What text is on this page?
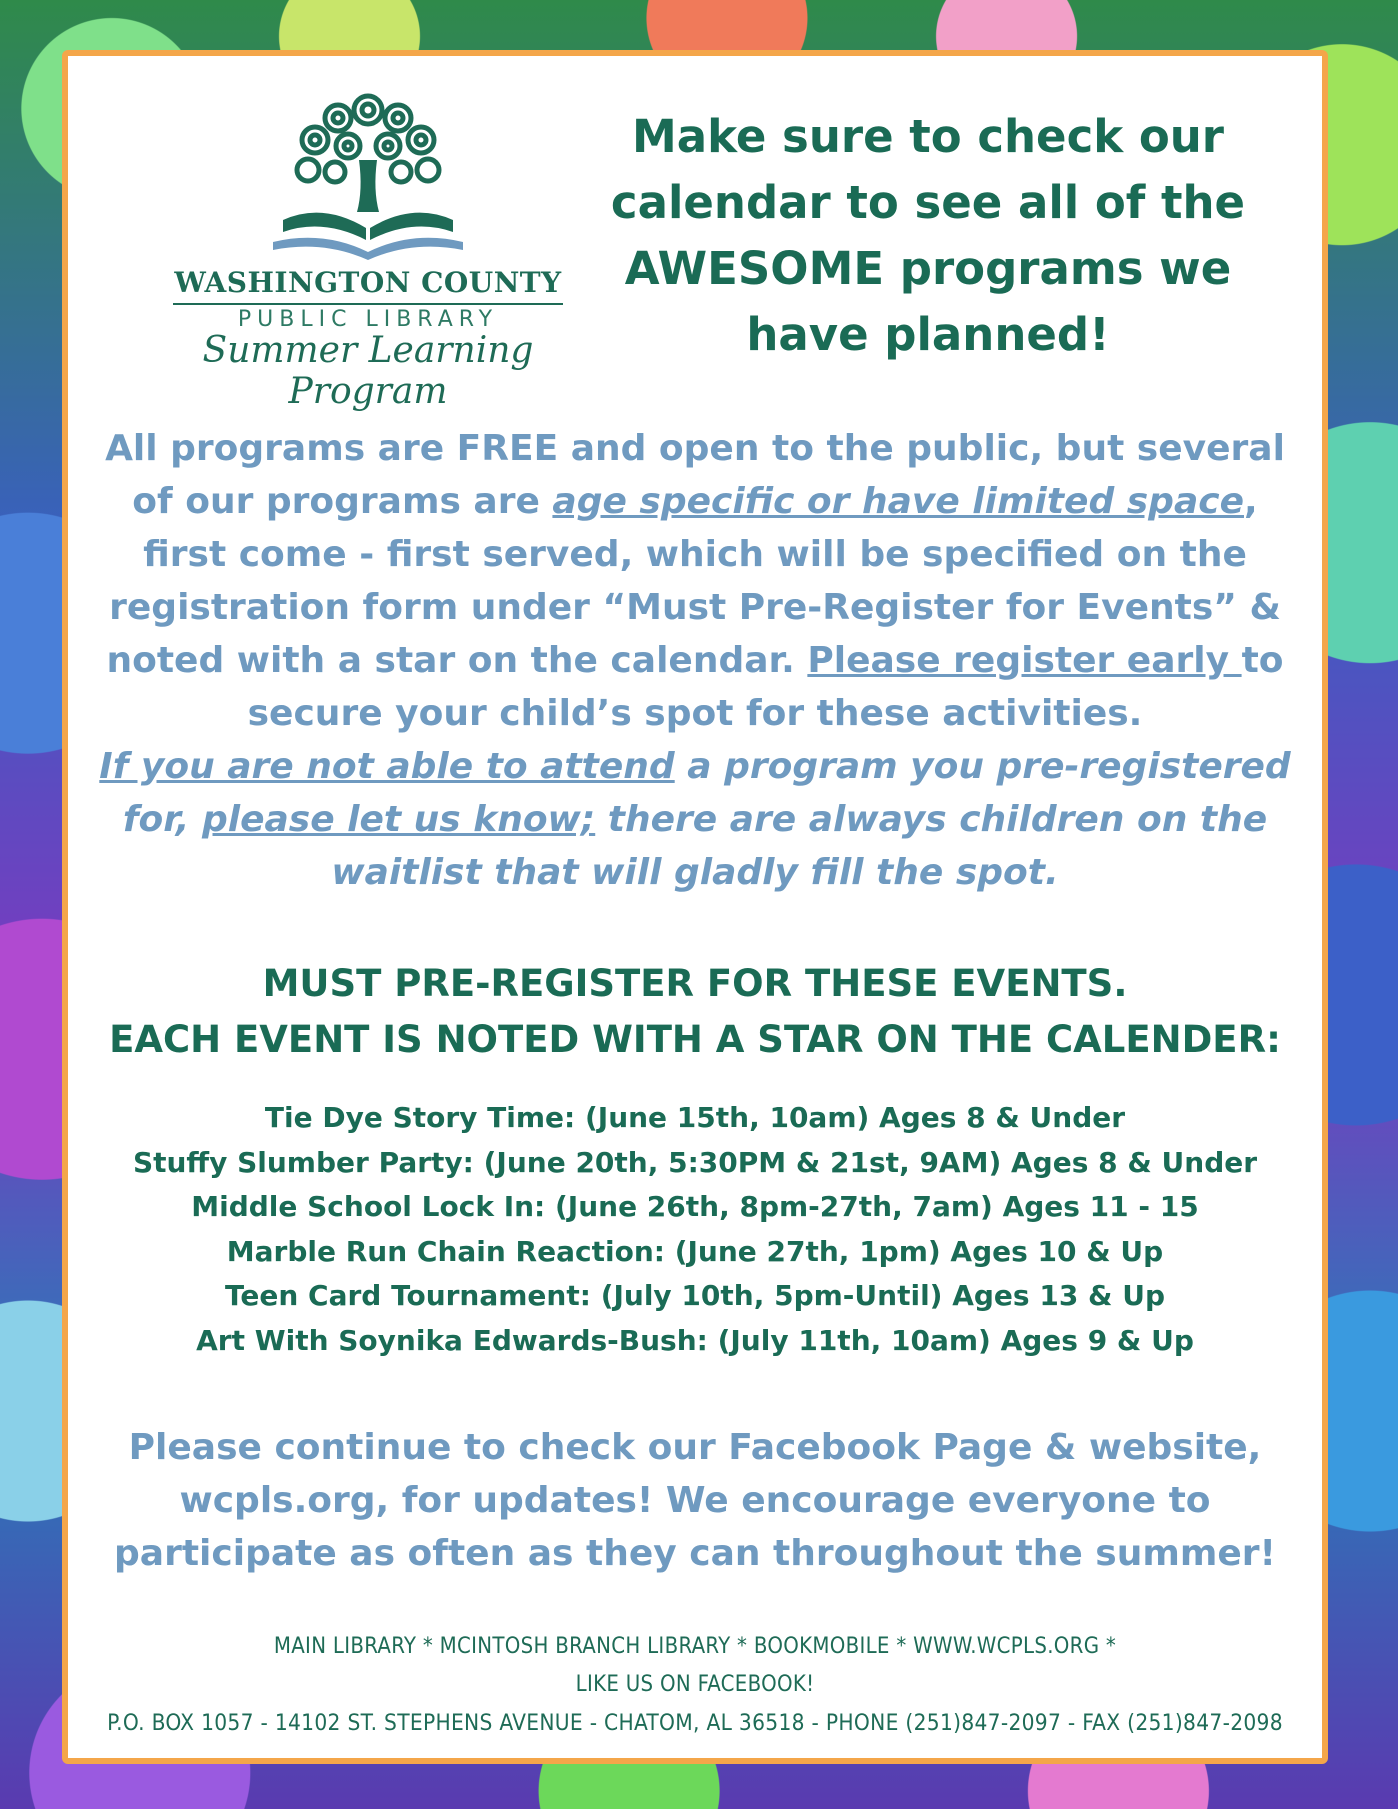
WASHINGTON COUNTY
PUBLIC LIBRARY
Summer Learning Program
Make sure to check our calendar to see all of the AWESOME programs we have planned!
All programs are FREE and open to the public, but several of our programs are age specific or have limited space, first come - first served, which will be specified on the registration form under “Must Pre-Register for Events” & noted with a star on the calendar. Please register early to secure your child’s spot for these activities.
If you are not able to attend a program you pre-registered for, please let us know; there are always children on the waitlist that will gladly fill the spot.
MUST PRE-REGISTER FOR THESE EVENTS.
EACH EVENT IS NOTED WITH A STAR ON THE CALENDER:
Tie Dye Story Time: (June 15th, 10am) Ages 8 & Under
Stuffy Slumber Party: (June 20th, 5:30PM & 21st, 9AM) Ages 8 & Under
Middle School Lock In: (June 26th, 8pm-27th, 7am) Ages 11 - 15
Marble Run Chain Reaction: (June 27th, 1pm) Ages 10 & Up
Teen Card Tournament: (July 10th, 5pm-Until) Ages 13 & Up
Art With Soynika Edwards-Bush: (July 11th, 10am) Ages 9 & Up
Please continue to check our Facebook Page & website, wcpls.org, for updates! We encourage everyone to participate as often as they can throughout the summer!
MAIN LIBRARY * MCINTOSH BRANCH LIBRARY * BOOKMOBILE * WWW.WCPLS.ORG *
LIKE US ON FACEBOOK!
P.O. BOX 1057 - 14102 ST. STEPHENS AVENUE - CHATOM, AL 36518 - PHONE (251)847-2097 - FAX (251)847-2098
